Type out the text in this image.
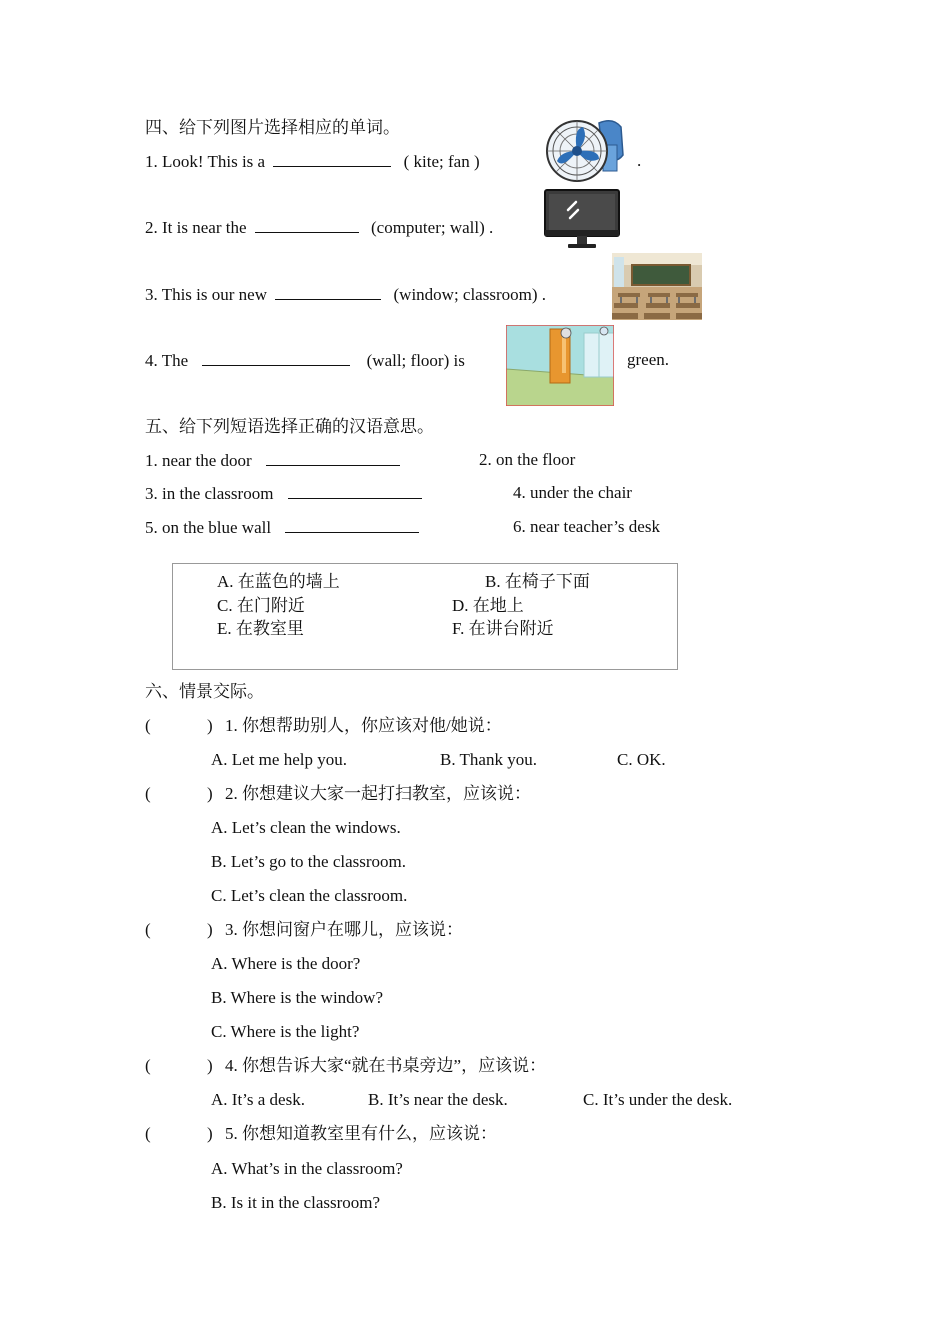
四、给下列图片选择相应的单词。
1. Look! This is a	( kite; fan )	.
2. It is near the	(computer; wall) .
3. This is our new	(window; classroom) .
4. The	(wall; floor) is	green.
五、给下列短语选择正确的汉语意思。
1. near the door	2. on the floor
3. in the classroom	4. under the chair
5. on the blue wall	6. near teacher’s desk
A. 在蓝色的墙上	B. 在椅子下面
C. 在门附近	D. 在地上
E. 在教室里	F. 在讲台附近
六、情景交际。
(	) 1. 你想帮助别人，你应该对他/她说：
A. Let me help you.	B. Thank you.	C. OK.
(	) 2. 你想建议大家一起打扫教室，应该说：
A. Let’s clean the windows.
B. Let’s go to the classroom.
C. Let’s clean the classroom.
(	) 3. 你想问窗户在哪儿，应该说：
A. Where is the door?
B. Where is the window?
C. Where is the light?
(	) 4. 你想告诉大家“就在书桌旁边”，应该说：
A. It’s a desk.	B. It’s near the desk.	C. It’s under the desk.
(	) 5. 你想知道教室里有什么，应该说：
A. What’s in the classroom?
B. Is it in the classroom?
